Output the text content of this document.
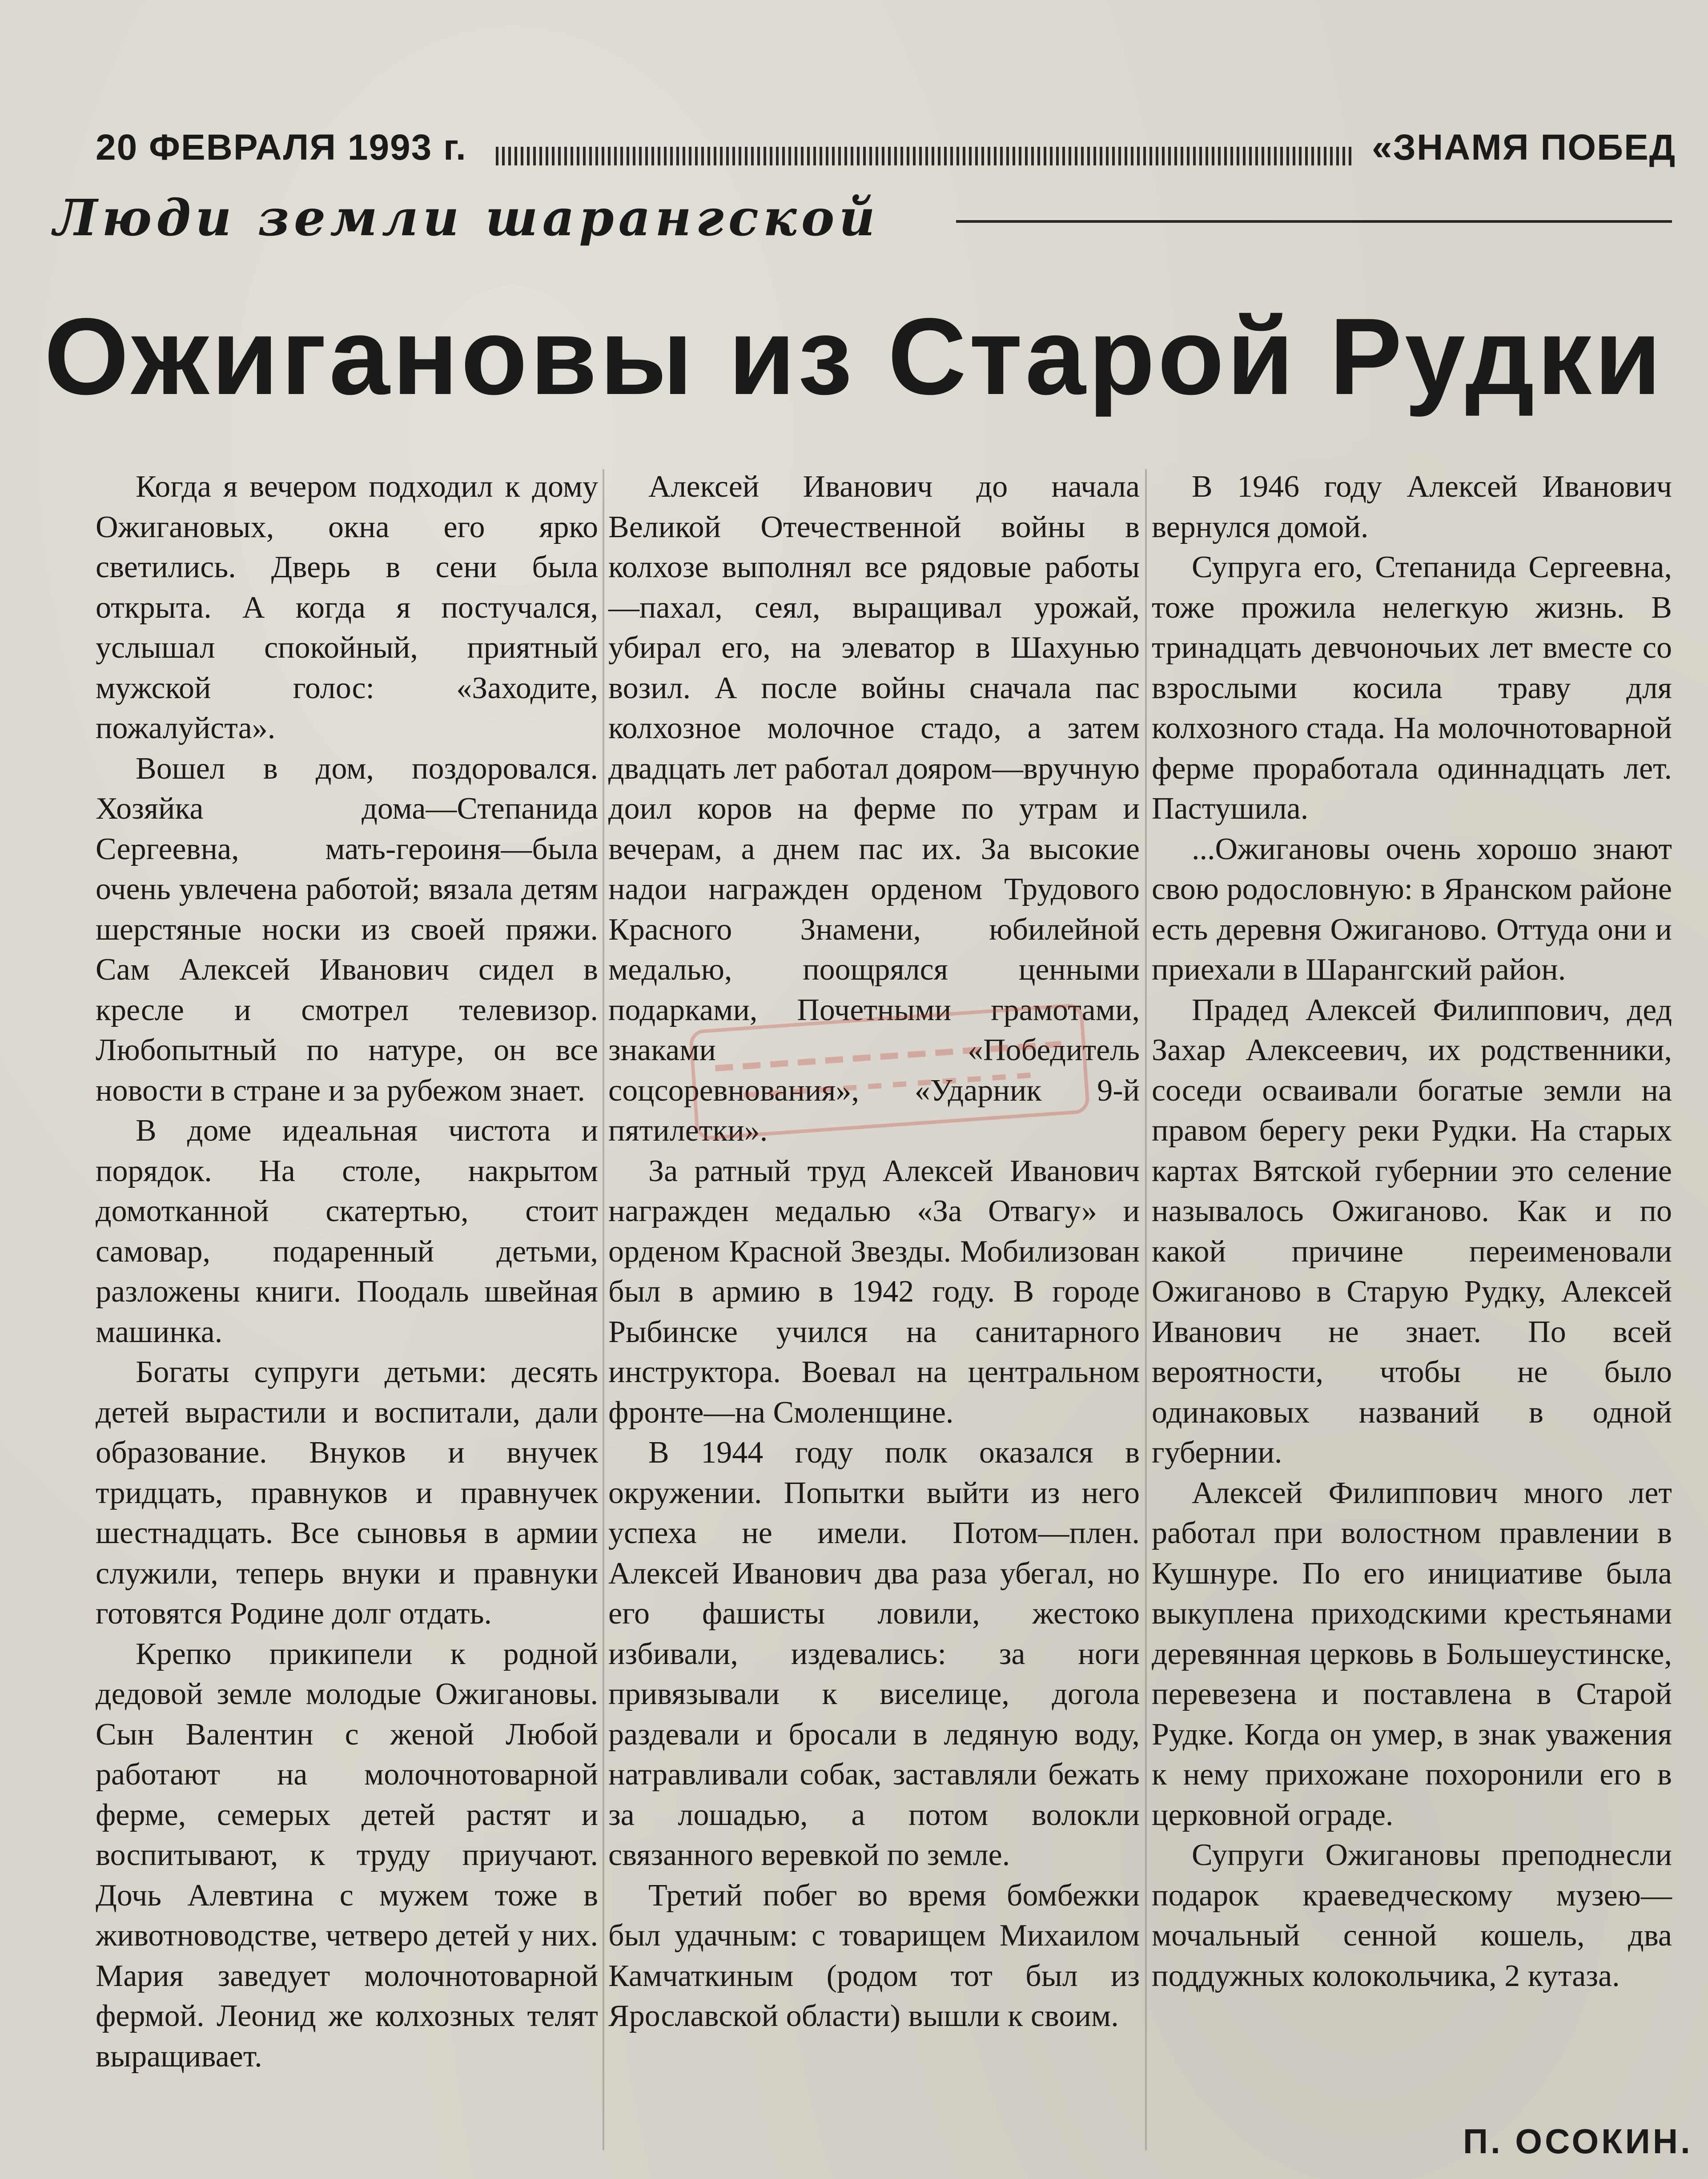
20 ФЕВРАЛЯ 1993 г.	«ЗНАМЯ ПОБЕД
Люди земли шарангской
Ожигановы из Старой Рудки

Когда я вечером подходил к дому Ожигановых, окна его ярко светились. Дверь в сени была открыта. А когда я постучался, услышал спокойный, приятный мужской голос: «Заходите, пожалуйста».

Вошел в дом, поздоровался. Хозяйка дома—Степанида Сергеевна, мать-героиня—была очень увлечена работой; вязала детям шерстяные носки из своей пряжи. Сам Алексей Иванович сидел в кресле и смотрел телевизор. Любопытный по натуре, он все новости в стране и за рубежом знает.

В доме идеальная чистота и порядок. На столе, накрытом домотканной скатертью, стоит самовар, подаренный детьми, разложены книги. Поодаль швейная машинка.

Богаты супруги детьми: десять детей вырастили и воспитали, дали образование. Внуков и внучек тридцать, правнуков и правнучек шестнадцать. Все сыновья в армии служили, теперь внуки и правнуки готовятся Родине долг отдать.

Крепко прикипели к родной дедовой земле молодые Ожигановы. Сын Валентин с женой Любой работают на молочнотоварной ферме, семерых детей растят и воспитывают, к труду приучают. Дочь Алевтина с мужем тоже в животноводстве, четверо детей у них. Мария заведует молочнотоварной фермой. Леонид же колхозных телят выращивает.

Алексей Иванович до начала Великой Отечественной войны в колхозе выполнял все рядовые работы—пахал, сеял, выращивал урожай, убирал его, на элеватор в Шахунью возил. А после войны сначала пас колхозное молочное стадо, а затем двадцать лет работал дояром—вручную доил коров на ферме по утрам и вечерам, а днем пас их. За высокие надои награжден орденом Трудового Красного Знамени, юбилейной медалью, поощрялся ценными подарками, Почетными грамотами, знаками «Победитель соцсоревнования», «Ударник 9-й пятилетки».

За ратный труд Алексей Иванович награжден медалью «За Отвагу» и орденом Красной Звезды. Мобилизован был в армию в 1942 году. В городе Рыбинске учился на санитарного инструктора. Воевал на центральном фронте—на Смоленщине.

В 1944 году полк оказался в окружении. Попытки выйти из него успеха не имели. Потом—плен. Алексей Иванович два раза убегал, но его фашисты ловили, жестоко избивали, издевались: за ноги привязывали к виселице, догола раздевали и бросали в ледяную воду, натравливали собак, заставляли бежать за лошадью, а потом волокли связанного веревкой по земле.

Третий побег во время бомбежки был удачным: с товарищем Михаилом Камчаткиным (родом тот был из Ярославской области) вышли к своим.

В 1946 году Алексей Иванович вернулся домой.

Супруга его, Степанида Сергеевна, тоже прожила нелегкую жизнь. В тринадцать девчоночьих лет вместе со взрослыми косила траву для колхозного стада. На молочнотоварной ферме проработала одиннадцать лет. Пастушила.

...Ожигановы очень хорошо знают свою родословную: в Яранском районе есть деревня Ожиганово. Оттуда они и приехали в Шарангский район.

Прадед Алексей Филиппович, дед Захар Алексеевич, их родственники, соседи осваивали богатые земли на правом берегу реки Рудки. На старых картах Вятской губернии это селение называлось Ожиганово. Как и по какой причине переименовали Ожиганово в Старую Рудку, Алексей Иванович не знает. По всей вероятности, чтобы не было одинаковых названий в одной губернии.

Алексей Филиппович много лет работал при волостном правлении в Кушнуре. По его инициативе была выкуплена приходскими крестьянами деревянная церковь в Большеустинске, перевезена и поставлена в Старой Рудке. Когда он умер, в знак уважения к нему прихожане похоронили его в церковной ограде.

Супруги Ожигановы преподнесли подарок краеведческому музею—мочальный сенной кошель, два поддужных колокольчика, 2 кутаза.

П. ОСОКИН.
